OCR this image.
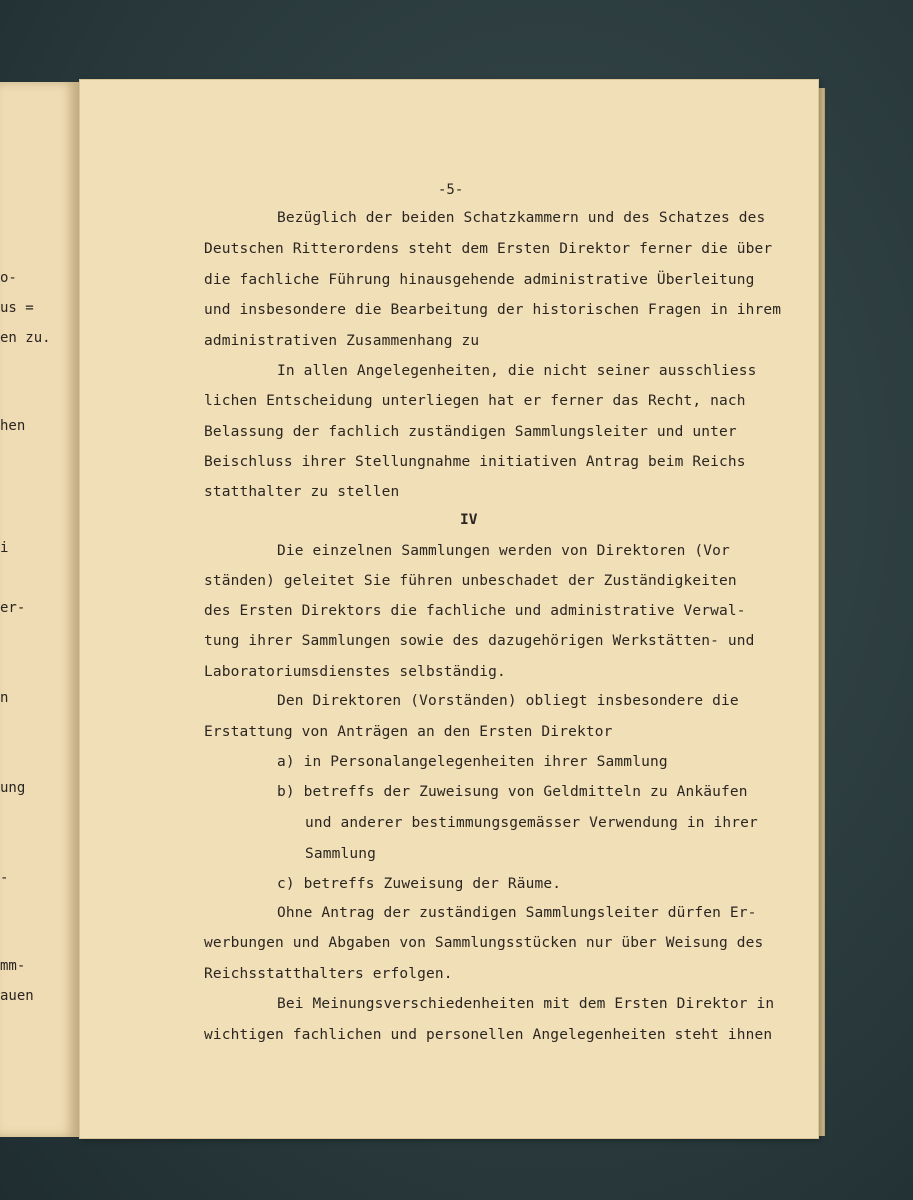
o-
us =
en zu.
hen
i
er-
n
ung
-
mm-
auen
-5-
Bezüglich der beiden Schatzkammern und des Schatzes des
Deutschen Ritterordens steht dem Ersten Direktor ferner die über
die fachliche Führung hinausgehende administrative Überleitung
und insbesondere die Bearbeitung der historischen Fragen in ihrem
administrativen Zusammenhang zu
In allen Angelegenheiten, die nicht seiner ausschliess
lichen Entscheidung unterliegen hat er ferner das Recht, nach
Belassung der fachlich zuständigen Sammlungsleiter und unter
Beischluss ihrer Stellungnahme initiativen Antrag beim Reichs
statthalter zu stellen
IV
Die einzelnen Sammlungen werden von Direktoren (Vor
ständen) geleitet Sie führen unbeschadet der Zuständigkeiten
des Ersten Direktors die fachliche und administrative Verwal-
tung ihrer Sammlungen sowie des dazugehörigen Werkstätten- und
Laboratoriumsdienstes selbständig.
Den Direktoren (Vorständen) obliegt insbesondere die
Erstattung von Anträgen an den Ersten Direktor
a) in Personalangelegenheiten ihrer Sammlung
b) betreffs der Zuweisung von Geldmitteln zu Ankäufen
und anderer bestimmungsgemässer Verwendung in ihrer
Sammlung
c) betreffs Zuweisung der Räume.
Ohne Antrag der zuständigen Sammlungsleiter dürfen Er-
werbungen und Abgaben von Sammlungsstücken nur über Weisung des
Reichsstatthalters erfolgen.
Bei Meinungsverschiedenheiten mit dem Ersten Direktor in
wichtigen fachlichen und personellen Angelegenheiten steht ihnen
